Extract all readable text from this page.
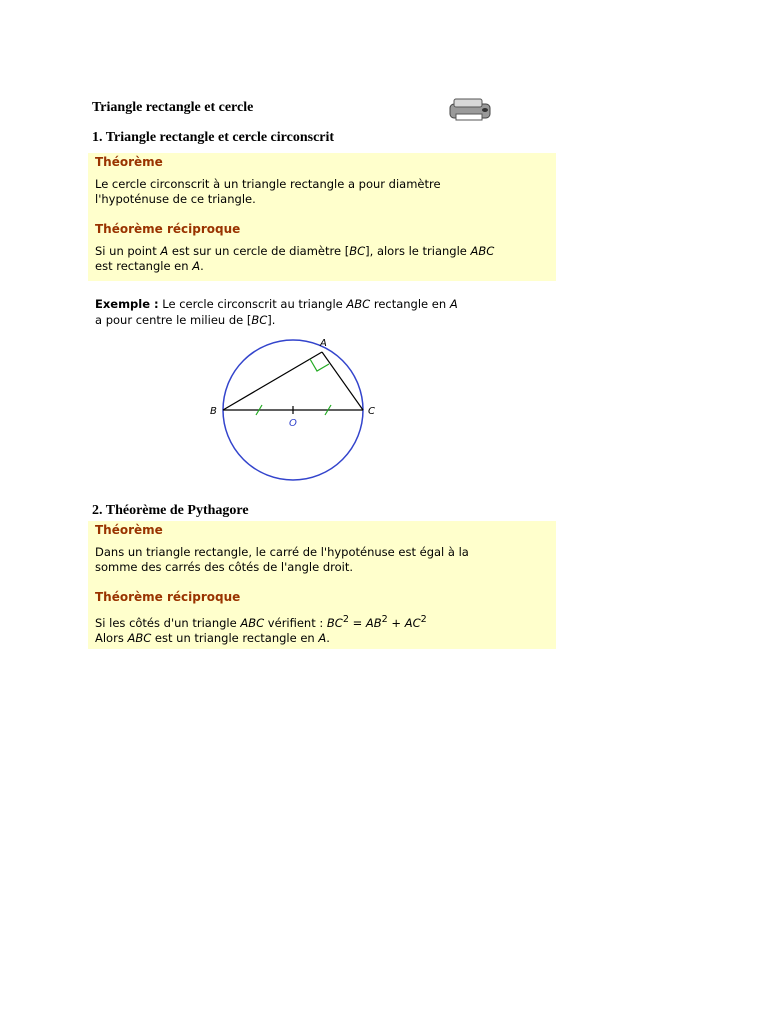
Triangle rectangle et cercle
1. Triangle rectangle et cercle circonscrit
Théorème
Le cercle circonscrit à un triangle rectangle a pour diamètre
l'hypoténuse de ce triangle.
Théorème réciproque
Si un point A est sur un cercle de diamètre [BC], alors le triangle ABC
est rectangle en A.
Exemple : Le cercle circonscrit au triangle ABC rectangle en A
a pour centre le milieu de [BC].
A
B	C
O
2. Théorème de Pythagore
Théorème
Dans un triangle rectangle, le carré de l'hypoténuse est égal à la
somme des carrés des côtés de l'angle droit.
Théorème réciproque
Si les côtés d'un triangle ABC vérifient : $BC^2 = AB^2 + AC^2$
Alors ABC est un triangle rectangle en A.
